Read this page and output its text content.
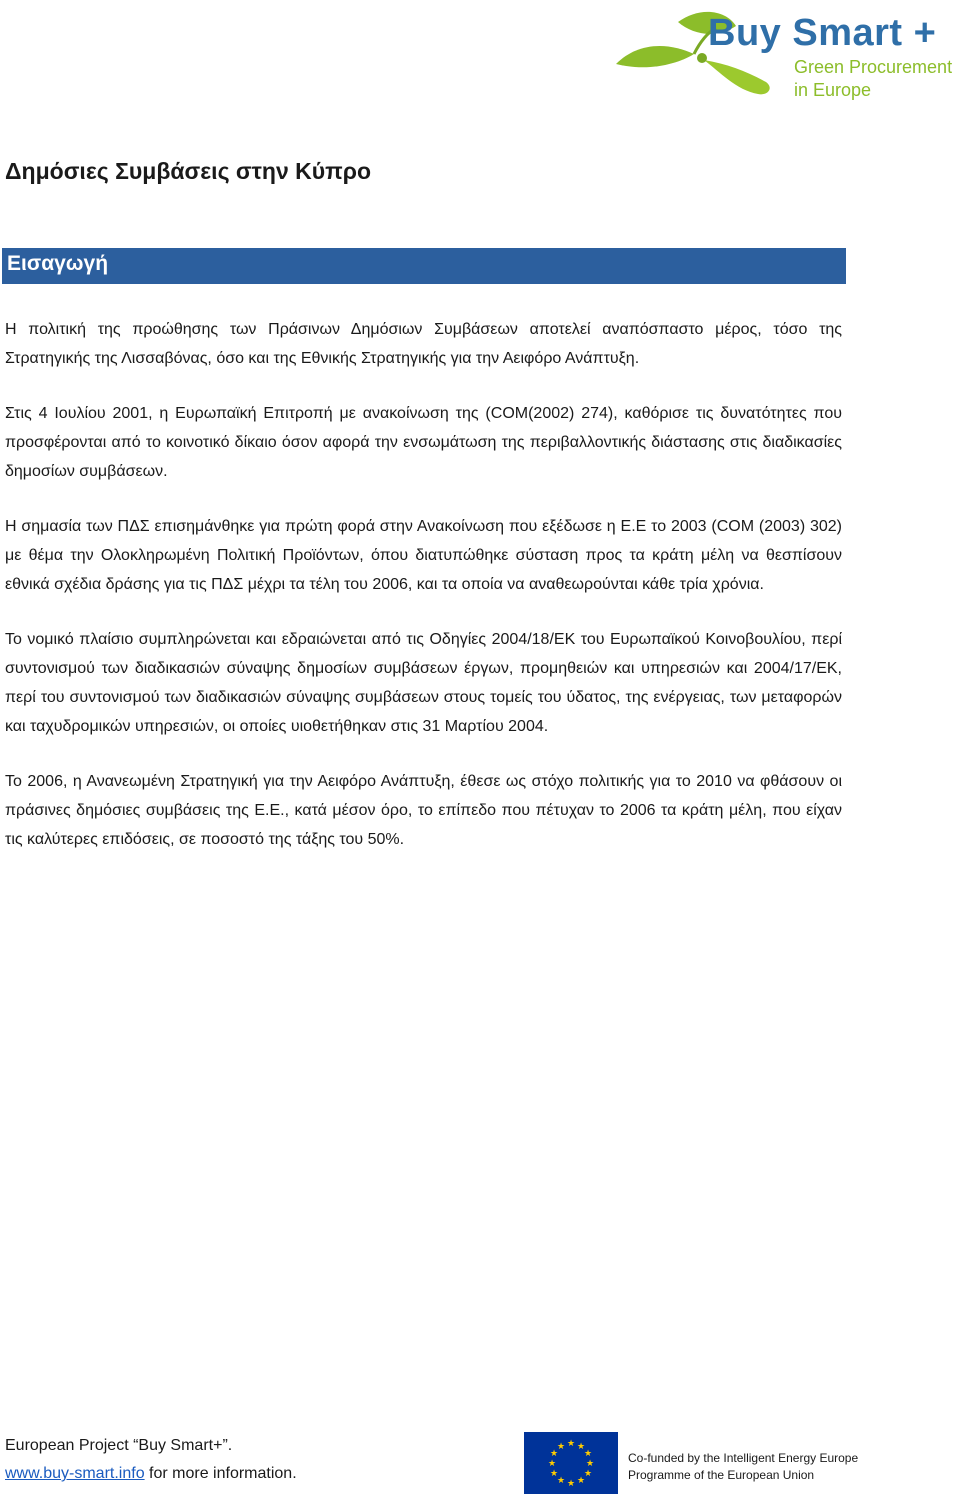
Buy Smart +
Green Procurement
in Europe
Δημόσιες Συμβάσεις στην Κύπρο
Εισαγωγή

Η πολιτική της προώθησης των Πράσινων Δημόσιων Συμβάσεων αποτελεί αναπόσπαστο μέρος, τόσο της Στρατηγικής της Λισσαβόνας, όσο και της Εθνικής Στρατηγικής για την Αειφόρο Ανάπτυξη.

Στις 4 Ιουλίου 2001, η Ευρωπαϊκή Επιτροπή με ανακοίνωση της (COM(2002) 274), καθόρισε τις δυνατότητες που προσφέρονται από το κοινοτικό δίκαιο όσον αφορά την ενσωμάτωση της περιβαλλοντικής διάστασης στις διαδικασίες δημοσίων συμβάσεων.

Η σημασία των ΠΔΣ επισημάνθηκε για πρώτη φορά στην Ανακοίνωση που εξέδωσε η Ε.Ε το 2003 (COM (2003) 302) με θέμα την Ολοκληρωμένη Πολιτική Προϊόντων, όπου διατυπώθηκε σύσταση προς τα κράτη μέλη να θεσπίσουν εθνικά σχέδια δράσης για τις ΠΔΣ μέχρι τα τέλη του 2006, και τα οποία να αναθεωρούνται κάθε τρία χρόνια.

Το νομικό πλαίσιο συμπληρώνεται και εδραιώνεται από τις Οδηγίες 2004/18/ΕΚ του Ευρωπαϊκού Κοινοβουλίου, περί συντονισμού των διαδικασιών σύναψης δημοσίων συμβάσεων έργων, προμηθειών και υπηρεσιών και 2004/17/ΕΚ, περί του συντονισμού των διαδικασιών σύναψης συμβάσεων στους τομείς του ύδατος, της ενέργειας, των μεταφορών και ταχυδρομικών υπηρεσιών, οι οποίες υιοθετήθηκαν στις 31 Μαρτίου 2004.

Το 2006, η Ανανεωμένη Στρατηγική για την Αειφόρο Ανάπτυξη, έθεσε ως στόχο πολιτικής για το 2010 να φθάσουν οι πράσινες δημόσιες συμβάσεις της Ε.Ε., κατά μέσον όρο, το επίπεδο που πέτυχαν το 2006 τα κράτη μέλη, που είχαν τις καλύτερες επιδόσεις, σε ποσοστό της τάξης του 50%.

European Project “Buy Smart+”.
www.buy-smart.info for more information.
★ ★
★
★
★
★
★
★
★
★
★
★
Co-funded by the Intelligent Energy Europe
Programme of the European Union
